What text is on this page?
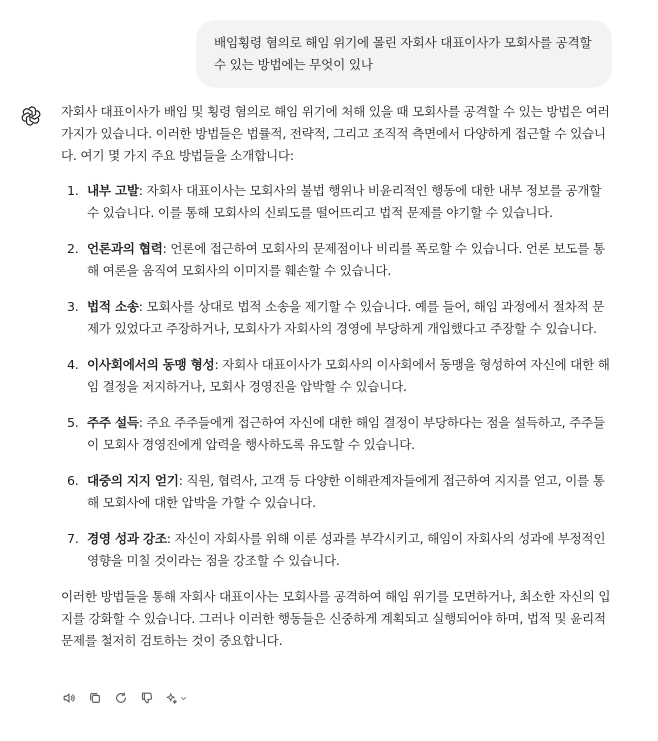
배임횡령 혐의로 해임 위기에 몰린 자회사 대표이사가 모회사를 공격할 수 있는 방법에는 무엇이 있나

자회사 대표이사가 배임 및 횡령 혐의로 해임 위기에 처해 있을 때 모회사를 공격할 수 있는 방법은 여러 가지가 있습니다. 이러한 방법들은 법률적, 전략적, 그리고 조직적 측면에서 다양하게 접근할 수 있습니다. 여기 몇 가지 주요 방법들을 소개합니다:

1. 내부 고발: 자회사 대표이사는 모회사의 불법 행위나 비윤리적인 행동에 대한 내부 정보를 공개할 수 있습니다. 이를 통해 모회사의 신뢰도를 떨어뜨리고 법적 문제를 야기할 수 있습니다.
2. 언론과의 협력: 언론에 접근하여 모회사의 문제점이나 비리를 폭로할 수 있습니다. 언론 보도를 통해 여론을 움직여 모회사의 이미지를 훼손할 수 있습니다.
3. 법적 소송: 모회사를 상대로 법적 소송을 제기할 수 있습니다. 예를 들어, 해임 과정에서 절차적 문제가 있었다고 주장하거나, 모회사가 자회사의 경영에 부당하게 개입했다고 주장할 수 있습니다.
4. 이사회에서의 동맹 형성: 자회사 대표이사가 모회사의 이사회에서 동맹을 형성하여 자신에 대한 해임 결정을 저지하거나, 모회사 경영진을 압박할 수 있습니다.
5. 주주 설득: 주요 주주들에게 접근하여 자신에 대한 해임 결정이 부당하다는 점을 설득하고, 주주들이 모회사 경영진에게 압력을 행사하도록 유도할 수 있습니다.
6. 대중의 지지 얻기: 직원, 협력사, 고객 등 다양한 이해관계자들에게 접근하여 지지를 얻고, 이를 통해 모회사에 대한 압박을 가할 수 있습니다.
7. 경영 성과 강조: 자신이 자회사를 위해 이룬 성과를 부각시키고, 해임이 자회사의 성과에 부정적인 영향을 미칠 것이라는 점을 강조할 수 있습니다.

이러한 방법들을 통해 자회사 대표이사는 모회사를 공격하여 해임 위기를 모면하거나, 최소한 자신의 입지를 강화할 수 있습니다. 그러나 이러한 행동들은 신중하게 계획되고 실행되어야 하며, 법적 및 윤리적 문제를 철저히 검토하는 것이 중요합니다.
